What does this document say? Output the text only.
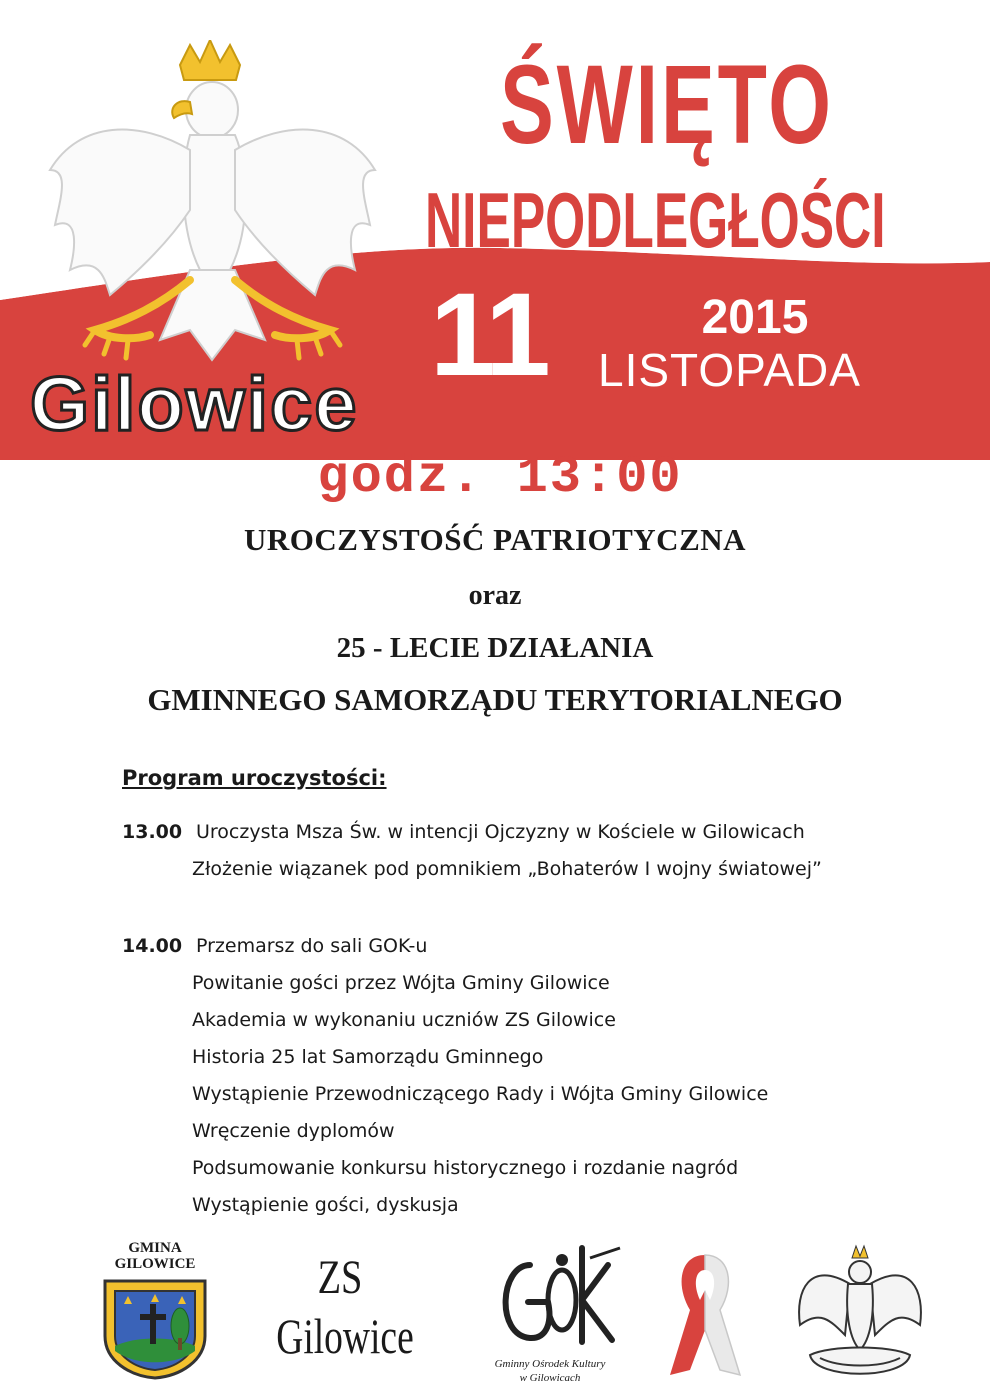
ŚWIĘTO
NIEPODLEGŁOŚCI
11	2015
LISTOPADA
Gilowice
godz. 13:00
UROCZYSTOŚĆ PATRIOTYCZNA
oraz
25 - LECIE DZIAŁANIA
GMINNEGO SAMORZĄDU TERYTORIALNEGO
Program uroczystości:
13.00 Uroczysta Msza Św. w intencji Ojczyzny w Kościele w Gilowicach
Złożenie wiązanek pod pomnikiem „Bohaterów I wojny światowej”
14.00 Przemarsz do sali GOK-u
Powitanie gości przez Wójta Gminy Gilowice
Akademia w wykonaniu uczniów ZS Gilowice
Historia 25 lat Samorządu Gminnego
Wystąpienie Przewodniczącego Rady i Wójta Gminy Gilowice
Wręczenie dyplomów
Podsumowanie konkursu historycznego i rozdanie nagród
Wystąpienie gości, dyskusja
GMINA
GILOWICE	ZS
Gilowice	Gminny Ośrodek Kultury
w Gilowicach
